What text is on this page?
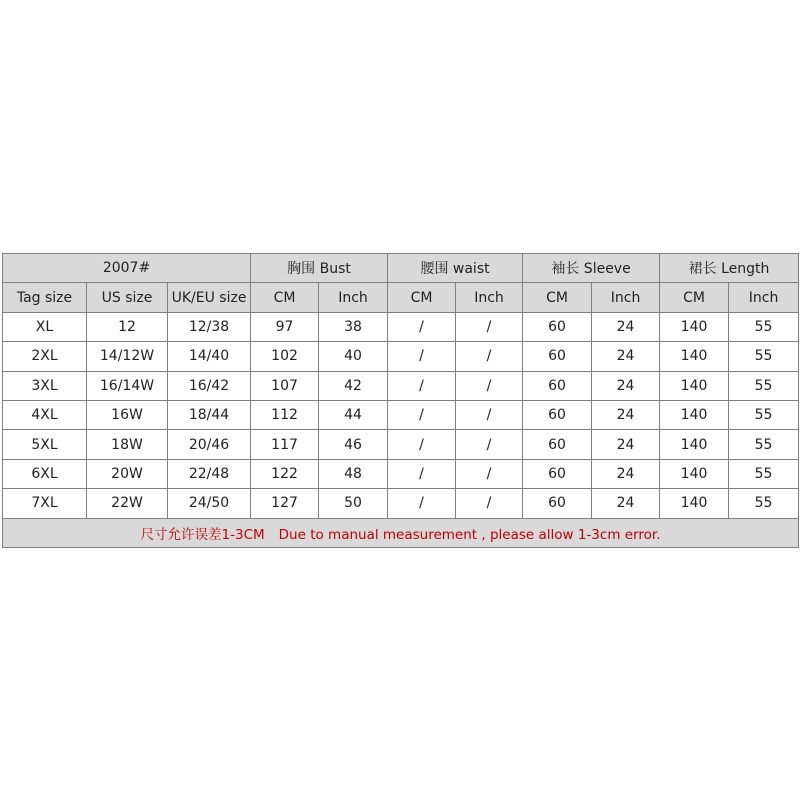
2007#			胸围 Bust		腰围 waist		袖长 Sleeve		裙长 Length	
Tag size	US size	UK/EU size	CM	Inch	CM	Inch	CM	Inch	CM	Inch
XL	12	12/38	97	38	/	/	60	24	140	55
2XL	14/12W	14/40	102	40	/	/	60	24	140	55
3XL	16/14W	16/42	107	42	/	/	60	24	140	55
4XL	16W	18/44	112	44	/	/	60	24	140	55
5XL	18W	20/46	117	46	/	/	60	24	140	55
6XL	20W	22/48	122	48	/	/	60	24	140	55
7XL	22W	24/50	127	50	/	/	60	24	140	55
尺寸允许误差1-3CM Due to manual measurement , please allow 1-3cm error.										
